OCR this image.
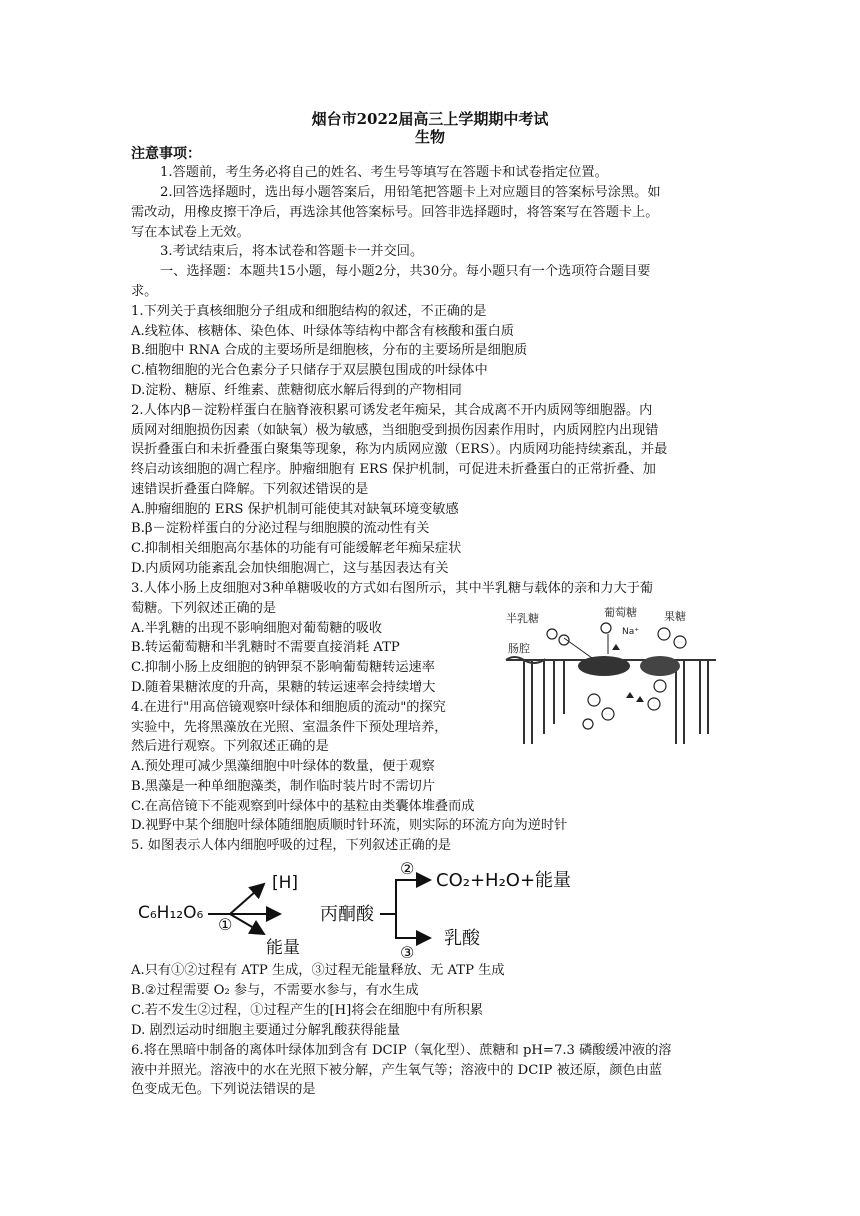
烟台市2022届高三上学期期中考试
生物
注意事项：
1.答题前，考生务必将自己的姓名、考生号等填写在答题卡和试卷指定位置。
2.回答选择题时，选出每小题答案后，用铅笔把答题卡上对应题目的答案标号涂黑。如
需改动，用橡皮擦干净后，再选涂其他答案标号。回答非选择题时，将答案写在答题卡上。
写在本试卷上无效。
3.考试结束后，将本试卷和答题卡一并交回。
一、选择题：本题共15小题，每小题2分，共30分。每小题只有一个选项符合题目要
求。
1.下列关于真核细胞分子组成和细胞结构的叙述，不正确的是
A.线粒体、核糖体、染色体、叶绿体等结构中都含有核酸和蛋白质
B.细胞中 RNA 合成的主要场所是细胞核，分布的主要场所是细胞质
C.植物细胞的光合色素分子只储存于双层膜包围成的叶绿体中
D.淀粉、糖原、纤维素、蔗糖彻底水解后得到的产物相同
2.人体内β－淀粉样蛋白在脑脊液积累可诱发老年痴呆，其合成离不开内质网等细胞器。内
质网对细胞损伤因素（如缺氧）极为敏感，当细胞受到损伤因素作用时，内质网腔内出现错
误折叠蛋白和未折叠蛋白聚集等现象，称为内质网应激（ERS）。内质网功能持续紊乱，并最
终启动该细胞的凋亡程序。肿瘤细胞有 ERS 保护机制，可促进未折叠蛋白的正常折叠、加
速错误折叠蛋白降解。下列叙述错误的是
A.肿瘤细胞的 ERS 保护机制可能使其对缺氧环境变敏感
B.β－淀粉样蛋白的分泌过程与细胞膜的流动性有关
C.抑制相关细胞高尔基体的功能有可能缓解老年痴呆症状
D.内质网功能紊乱会加快细胞凋亡，这与基因表达有关
3.人体小肠上皮细胞对3种单糖吸收的方式如右图所示，其中半乳糖与载体的亲和力大于葡
萄糖。下列叙述正确的是
A.半乳糖的出现不影响细胞对葡萄糖的吸收
B.转运葡萄糖和半乳糖时不需要直接消耗 ATP
C.抑制小肠上皮细胞的钠钾泵不影响葡萄糖转运速率
D.随着果糖浓度的升高，果糖的转运速率会持续增大
4.在进行"用高倍镜观察叶绿体和细胞质的流动"的探究
实验中，先将黑藻放在光照、室温条件下预处理培养，
然后进行观察。下列叙述正确的是
A.预处理可减少黑藻细胞中叶绿体的数量，便于观察
B.黑藻是一种单细胞藻类，制作临时装片时不需切片
C.在高倍镜下不能观察到叶绿体中的基粒由类囊体堆叠而成
D.视野中某个细胞叶绿体随细胞质顺时针环流，则实际的环流方向为逆时针
5. 如图表示人体内细胞呼吸的过程，下列叙述正确的是
A.只有①②过程有 ATP 生成，③过程无能量释放、无 ATP 生成
B.②过程需要 O₂ 参与，不需要水参与，有水生成
C.若不发生②过程，①过程产生的[H]将会在细胞中有所积累
D. 剧烈运动时细胞主要通过分解乳酸获得能量
6.将在黑暗中制备的离体叶绿体加到含有 DCIP（氧化型）、蔗糖和 pH=7.3 磷酸缓冲液的溶
液中并照光。溶液中的水在光照下被分解，产生氧气等；溶液中的 DCIP 被还原，颜色由蓝
色变成无色。下列说法错误的是
半乳糖	葡萄糖
Na⁺
果糖
肠腔
C₆H₁₂O₆
①
[H]
能量
丙酮酸
②
③
CO₂+H₂O+能量
乳酸
